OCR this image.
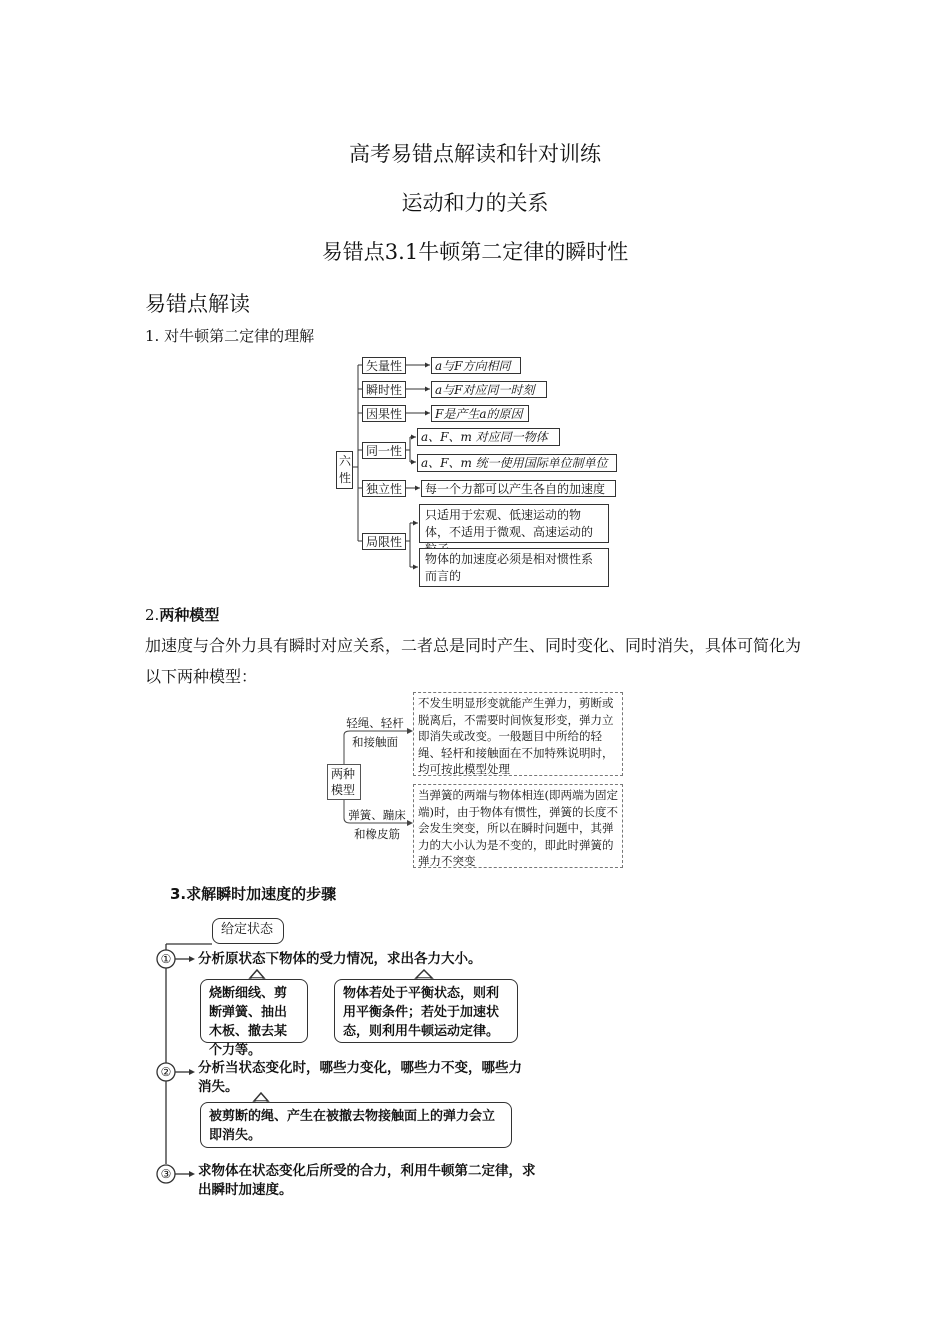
高考易错点解读和针对训练
运动和力的关系
易错点3.1牛顿第二定律的瞬时性
易错点解读
1. 对牛顿第二定律的理解
六性
矢量性
瞬时性
因果性
同一性
独立性
局限性
a与F方向相同
a与F对应同一时刻
F是产生a的原因
a、F、m 对应同一物体
a、F、m 统一使用国际单位制单位
每一个力都可以产生各自的加速度
只适用于宏观、低速运动的物体，不适用于微观、高速运动的
物体的加速度必须是相对惯性系而言的
2.两种模型
加速度与合外力具有瞬时对应关系，二者总是同时产生、同时变化、同时消失，具体可简化为以下两种模型：
两种模型
轻绳、轻杆
和接触面
弹簧、蹦床
和橡皮筋
不发生明显形变就能产生弹力，剪断或脱离后，不需要时间恢复形变，弹力立即消失或改变。一般题目中所给的轻绳、轻杆和接触面在不加特殊说明时，均可按此模型处理
当弹簧的两端与物体相连(即两端为固定端)时，由于物体有惯性，弹簧的长度不会发生突变，所以在瞬时问题中，其弹力的大小认为是不变的，即此时弹簧的弹力不突变
3.求解瞬时加速度的步骤
给定状态
①
②
③
分析原状态下物体的受力情况，求出各力大小。
分析当状态变化时，哪些力变化，哪些力不变，哪些力消失。
求物体在状态变化后所受的合力，利用牛顿第二定律，求出瞬时加速度。
烧断细线、剪断弹簧、抽出木板、撤去某个力等。
物体若处于平衡状态，则利用平衡条件；若处于加速状态，则利用牛顿运动定律。
被剪断的绳、产生在被撤去物接触面上的弹力会立即消失。
